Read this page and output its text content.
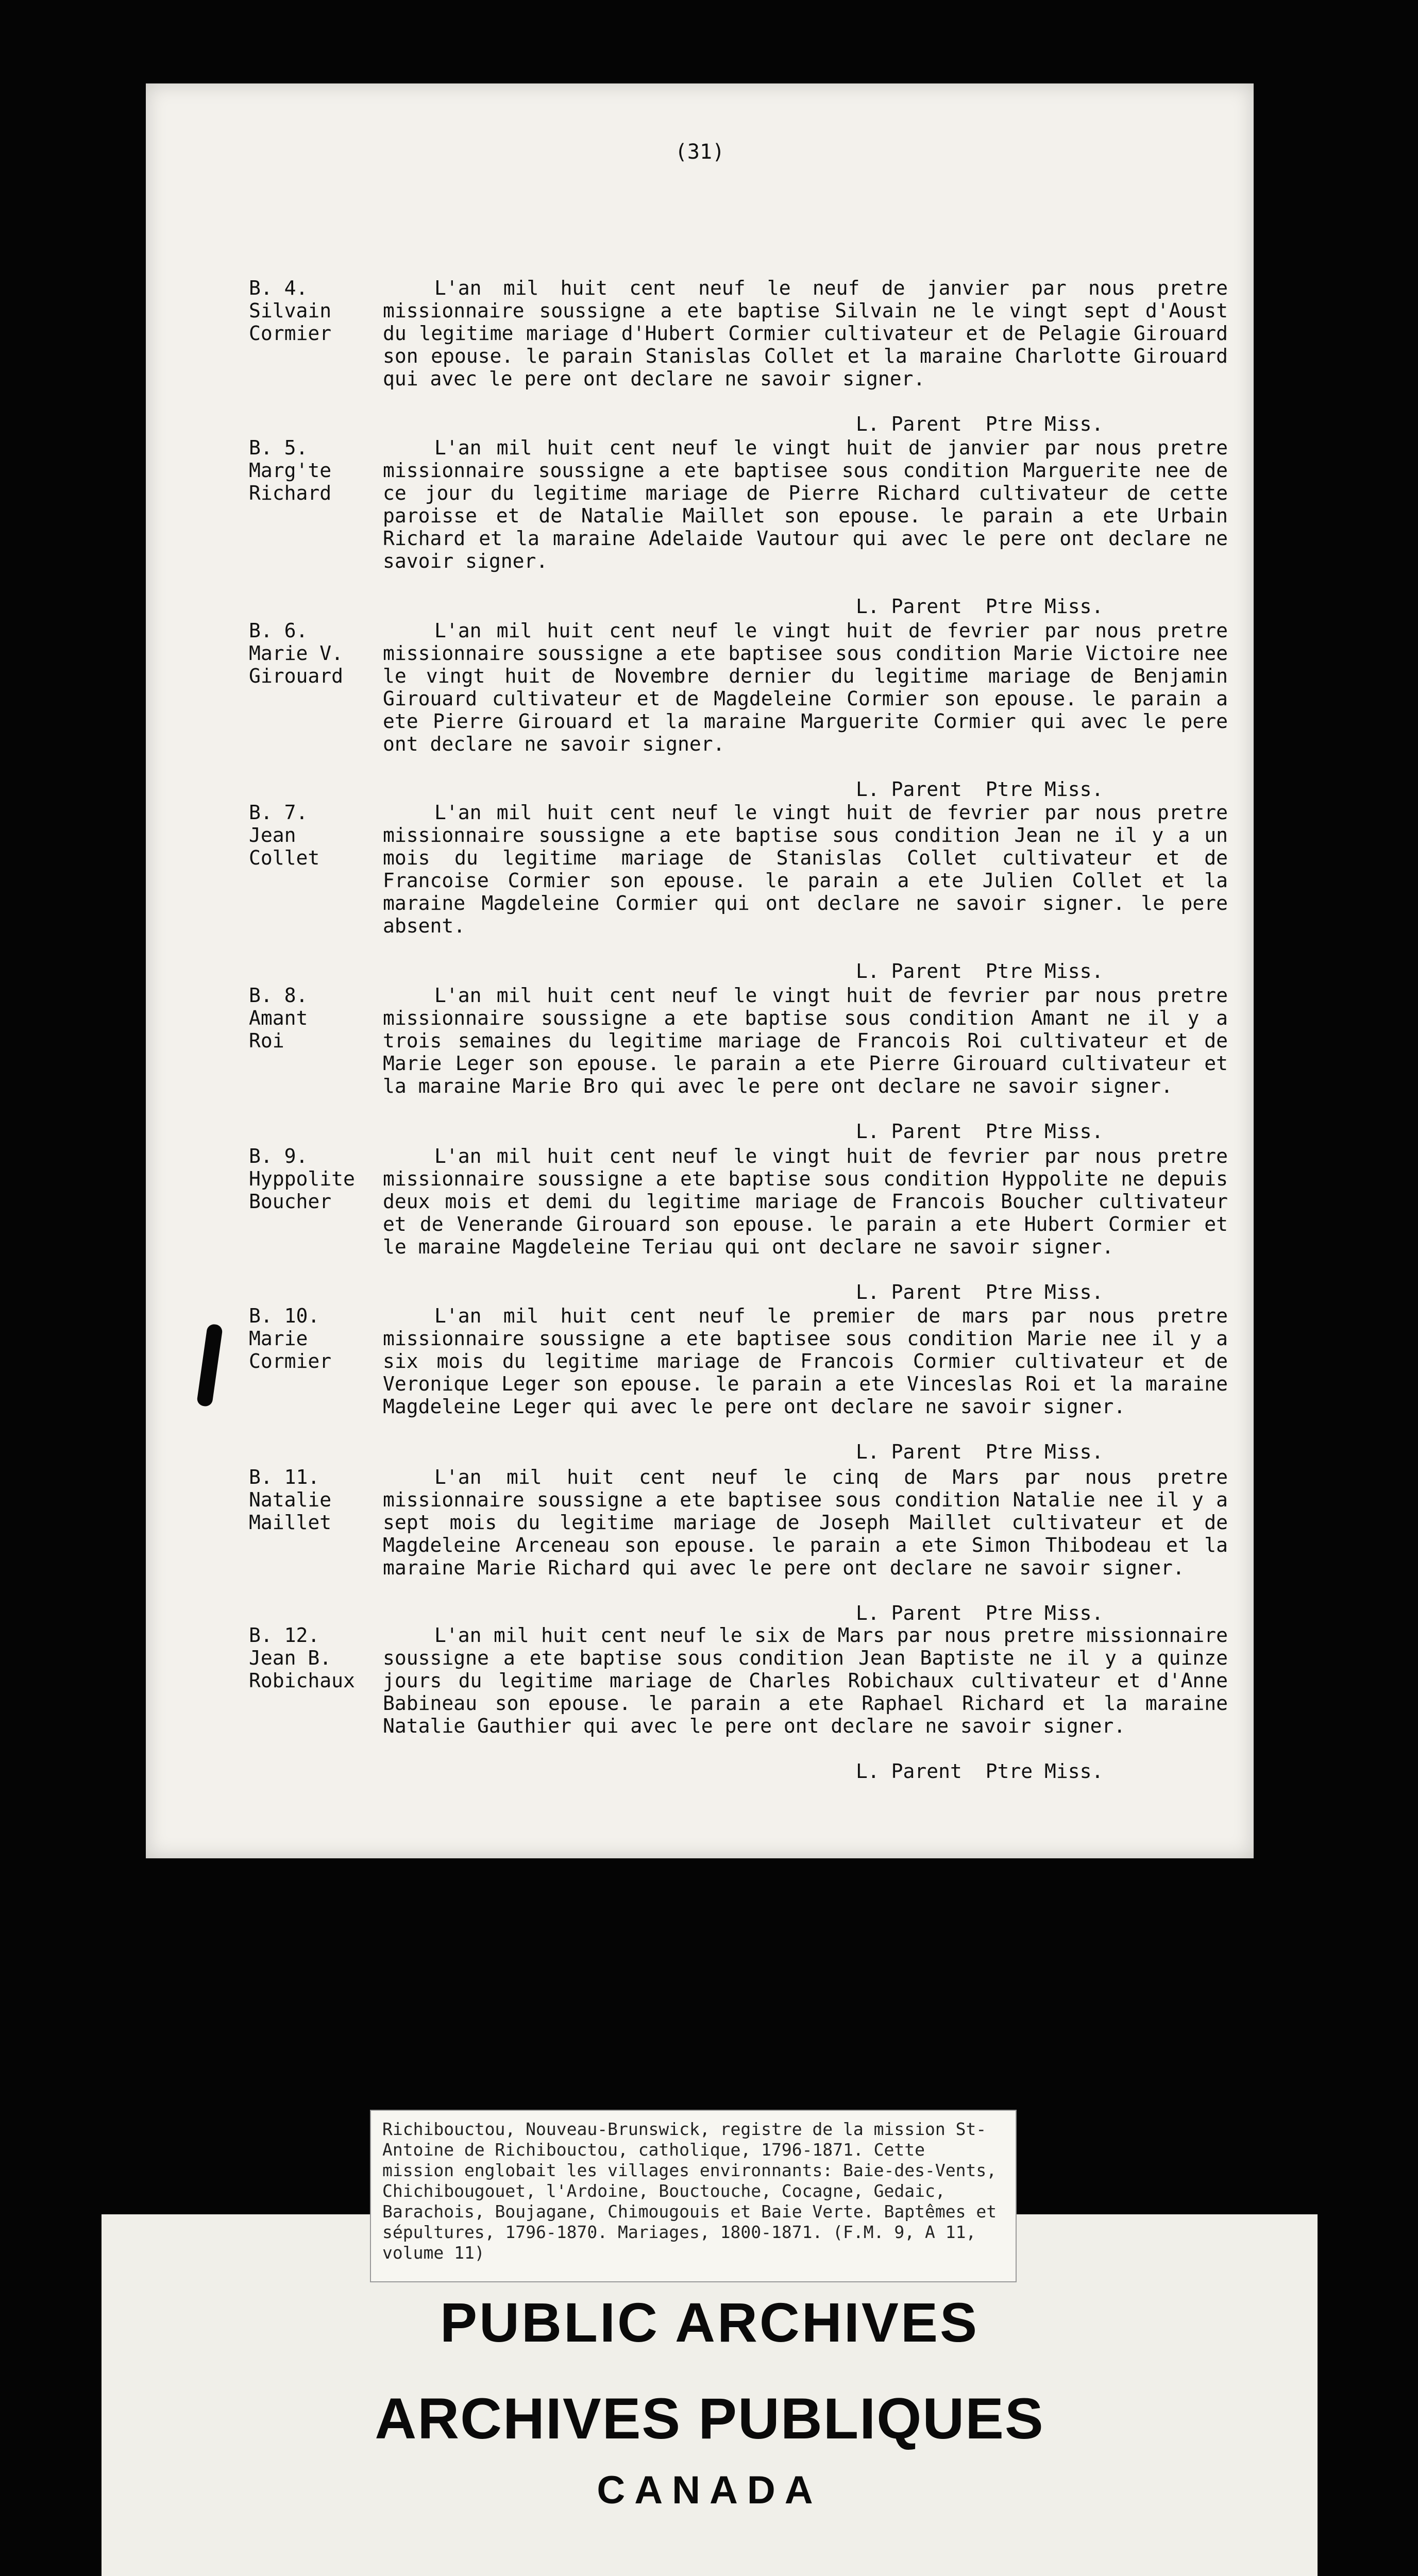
(31)
B. 4.
Silvain
Cormier
L'an mil huit cent neuf le neuf de janvier par nous pretre missionnaire soussigne a ete baptise Silvain ne le vingt sept d'Aoust du legitime mariage d'Hubert Cormier cultivateur et de Pelagie Girouard son epouse. le parain Stanislas Collet et la maraine Charlotte Girouard qui avec le pere ont declare ne savoir signer.
L. Parent  Ptre Miss.
B. 5.
Marg'te
Richard
L'an mil huit cent neuf le vingt huit de janvier par nous pretre missionnaire soussigne a ete baptisee sous condition Marguerite nee de ce jour du legitime mariage de Pierre Richard cultivateur de cette paroisse et de Natalie Maillet son epouse. le parain a ete Urbain Richard et la maraine Adelaide Vautour qui avec le pere ont declare ne savoir signer.
L. Parent  Ptre Miss.
B. 6.
Marie V.
Girouard
L'an mil huit cent neuf le vingt huit de fevrier par nous pretre missionnaire soussigne a ete baptisee sous condition Marie Victoire nee le vingt huit de Novembre dernier du legitime mariage de Benjamin Girouard cultivateur et de Magdeleine Cormier son epouse. le parain a ete Pierre Girouard et la maraine Marguerite Cormier qui avec le pere ont declare ne savoir signer.
L. Parent  Ptre Miss.
B. 7.
Jean
Collet
L'an mil huit cent neuf le vingt huit de fevrier par nous pretre missionnaire soussigne a ete baptise sous condition Jean ne il y a un mois du legitime mariage de Stanislas Collet cultivateur et de Francoise Cormier son epouse. le parain a ete Julien Collet et la maraine Magdeleine Cormier qui ont declare ne savoir signer. le pere absent.
L. Parent  Ptre Miss.
B. 8.
Amant
Roi
L'an mil huit cent neuf le vingt huit de fevrier par nous pretre missionnaire soussigne a ete baptise sous condition Amant ne il y a trois semaines du legitime mariage de Francois Roi cultivateur et de Marie Leger son epouse. le parain a ete Pierre Girouard cultivateur et la maraine Marie Bro qui avec le pere ont declare ne savoir signer.
L. Parent  Ptre Miss.
B. 9.
Hyppolite
Boucher
L'an mil huit cent neuf le vingt huit de fevrier par nous pretre missionnaire soussigne a ete baptise sous condition Hyppolite ne depuis deux mois et demi du legitime mariage de Francois Boucher cultivateur et de Venerande Girouard son epouse. le parain a ete Hubert Cormier et le maraine Magdeleine Teriau qui ont declare ne savoir signer.
L. Parent  Ptre Miss.
B. 10.
Marie
Cormier
L'an mil huit cent neuf le premier de mars par nous pretre missionnaire soussigne a ete baptisee sous condition Marie nee il y a six mois du legitime mariage de Francois Cormier cultivateur et de Veronique Leger son epouse. le parain a ete Vinceslas Roi et la maraine Magdeleine Leger qui avec le pere ont declare ne savoir signer.
L. Parent  Ptre Miss.
B. 11.
Natalie
Maillet
L'an mil huit cent neuf le cinq de Mars par nous pretre missionnaire soussigne a ete baptisee sous condition Natalie nee il y a sept mois du legitime mariage de Joseph Maillet cultivateur et de Magdeleine Arceneau son epouse. le parain a ete Simon Thibodeau et la maraine Marie Richard qui avec le pere ont declare ne savoir signer.
L. Parent  Ptre Miss.
B. 12.
Jean B.
Robichaux
L'an mil huit cent neuf le six de Mars par nous pretre missionnaire soussigne a ete baptise sous condition Jean Baptiste ne il y a quinze jours du legitime mariage de Charles Robichaux cultivateur et d'Anne Babineau son epouse. le parain a ete Raphael Richard et la maraine Natalie Gauthier qui avec le pere ont declare ne savoir signer.
L. Parent  Ptre Miss.
Richibouctou, Nouveau-Brunswick, registre de la mission St-Antoine de Richibouctou, catholique, 1796-1871. Cette mission englobait les villages environnants: Baie-des-Vents, Chichibougouet, l'Ardoine, Bouctouche, Cocagne, Gedaic, Barachois, Boujagane, Chimougouis et Baie Verte. Baptêmes et sépultures, 1796-1870. Mariages, 1800-1871. (F.M. 9, A 11, volume 11)
PUBLIC ARCHIVES
ARCHIVES PUBLIQUES
CANADA
